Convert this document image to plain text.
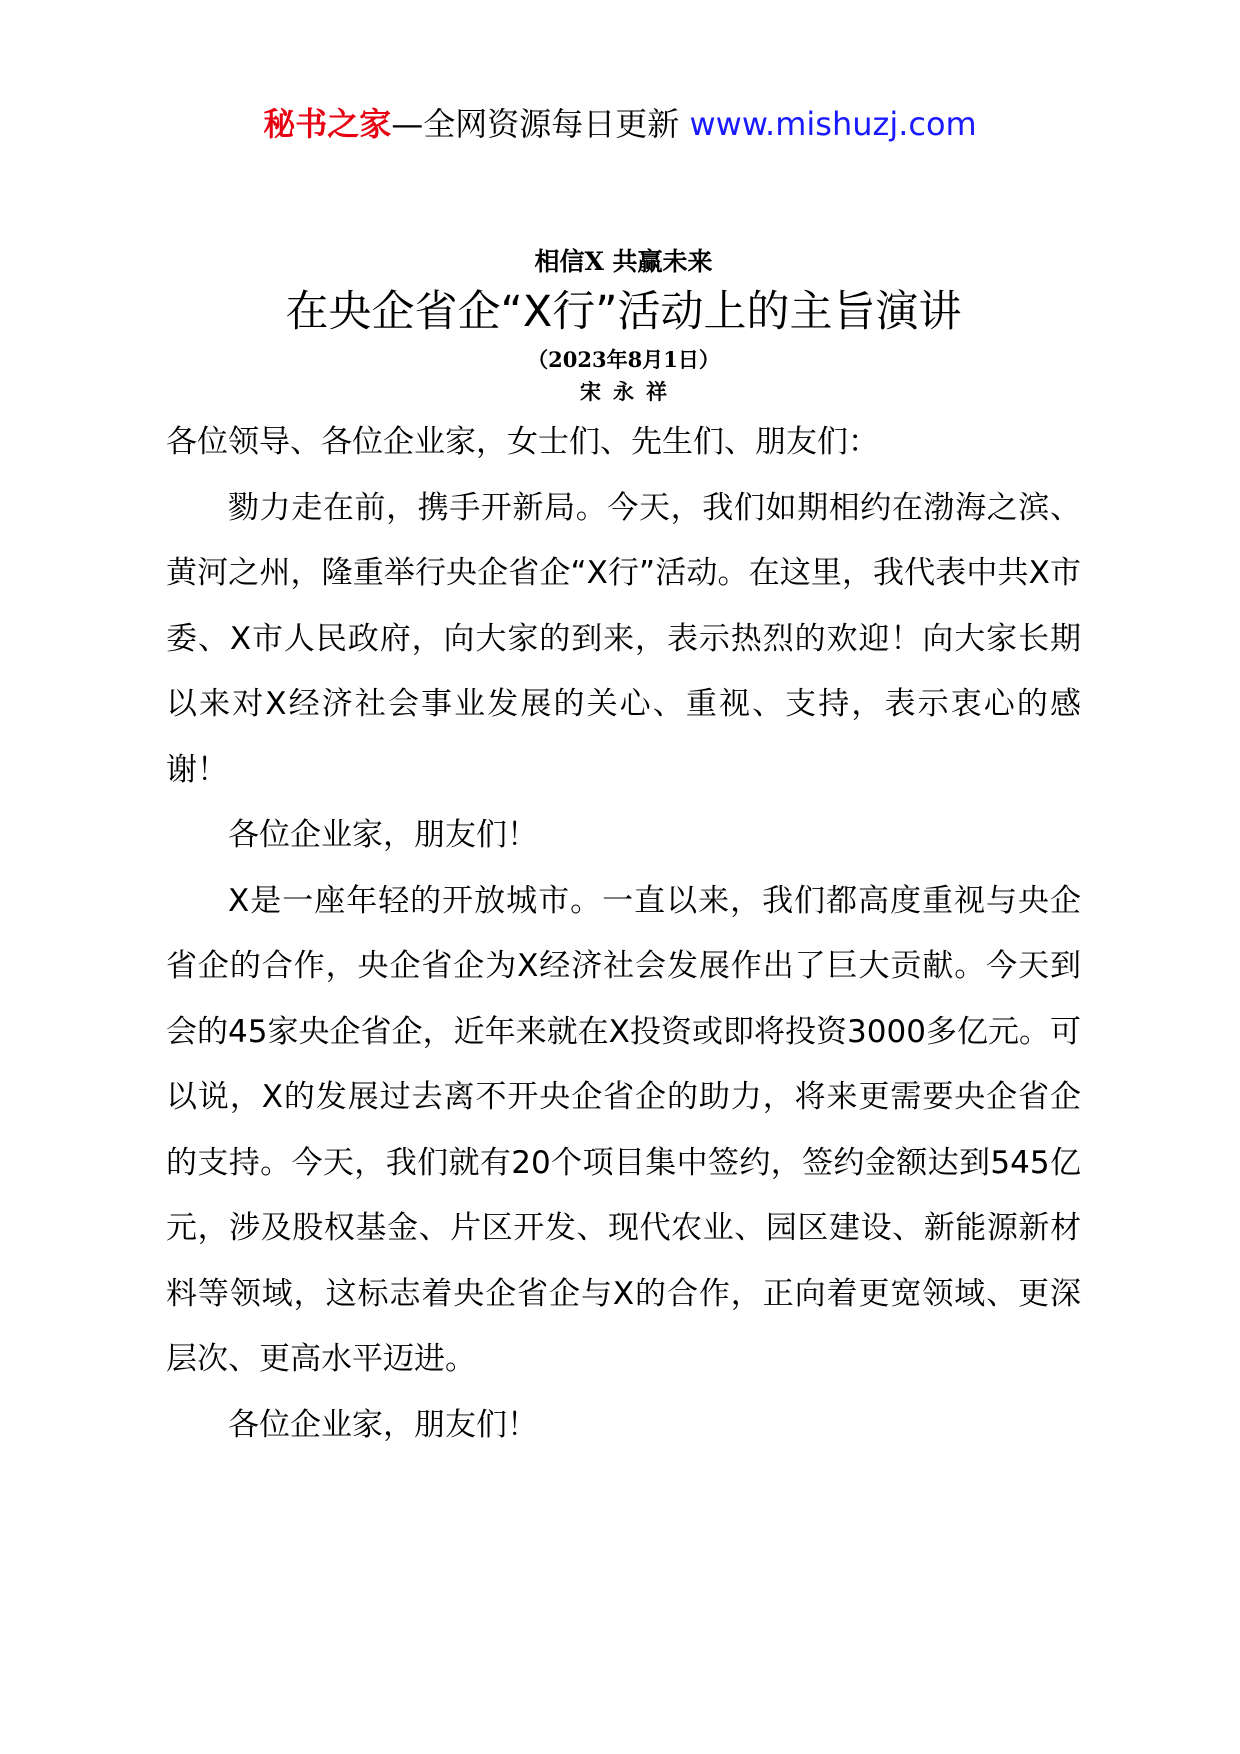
秘书之家—全网资源每日更新 www.mishuzj.com
相信X 共赢未来
在央企省企“X行”活动上的主旨演讲
（2023年8月1日）
宋永祥

各位领导、各位企业家，女士们、先生们、朋友们：

勠力走在前，携手开新局。今天，我们如期相约在渤海之滨、黄河之州，隆重举行央企省企“X行”活动。在这里，我代表中共X市委、X市人民政府，向大家的到来，表示热烈的欢迎！向大家长期以来对X经济社会事业发展的关心、重视、支持，表示衷心的感谢！

各位企业家，朋友们！

X是一座年轻的开放城市。一直以来，我们都高度重视与央企省企的合作，央企省企为X经济社会发展作出了巨大贡献。今天到会的45家央企省企，近年来就在X投资或即将投资3000多亿元。可以说，X的发展过去离不开央企省企的助力，将来更需要央企省企的支持。今天，我们就有20个项目集中签约，签约金额达到545亿元，涉及股权基金、片区开发、现代农业、园区建设、新能源新材料等领域，这标志着央企省企与X的合作，正向着更宽领域、更深层次、更高水平迈进。

各位企业家，朋友们！
